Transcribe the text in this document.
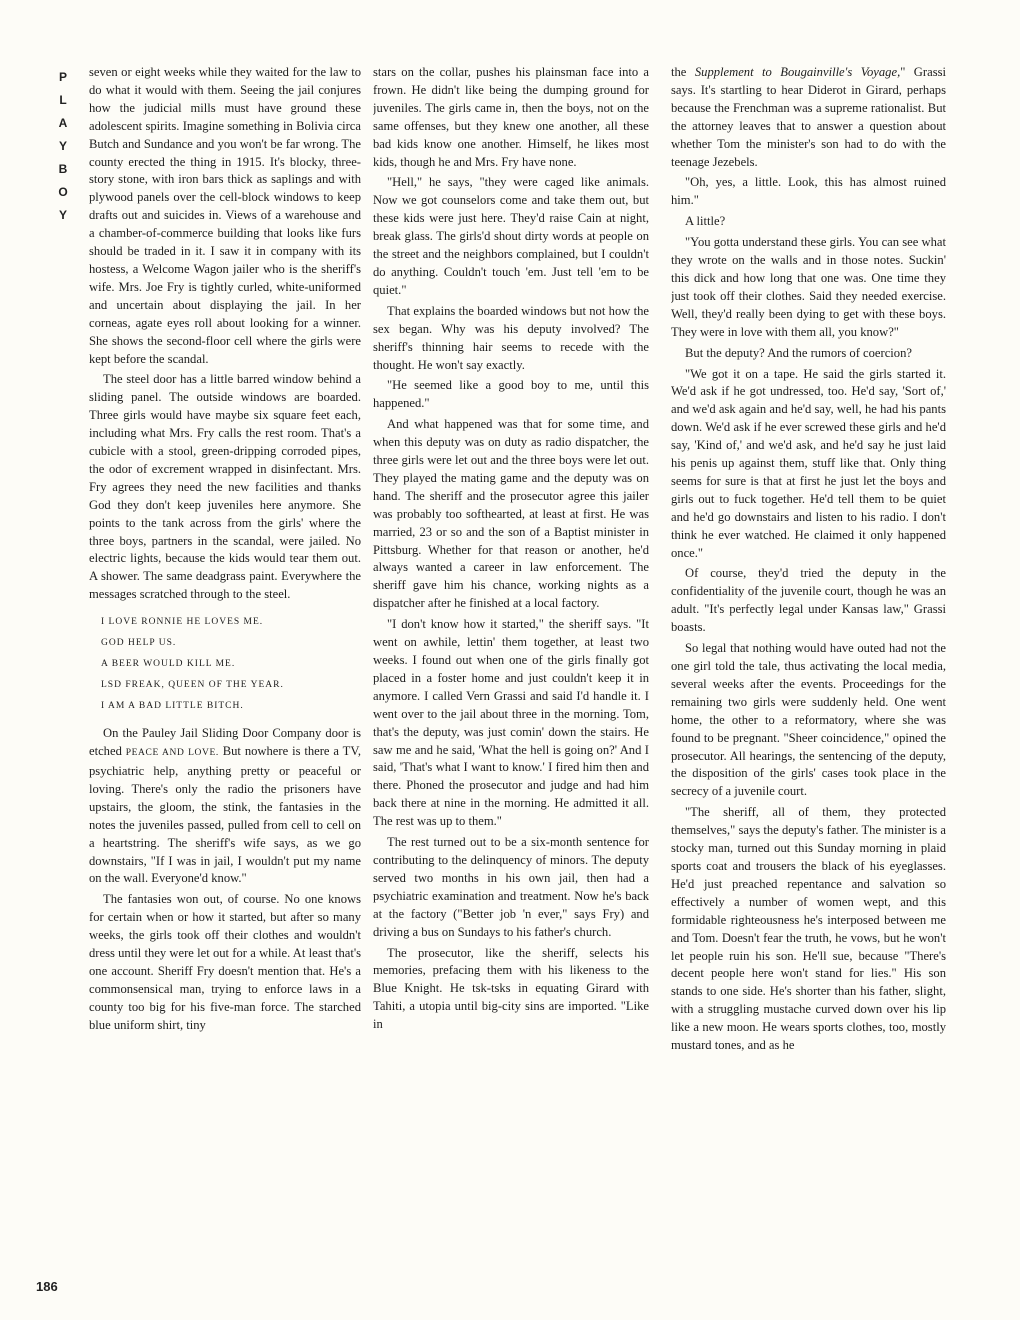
P
L
A
Y
B
O
Y
186

seven or eight weeks while they waited for the law to do what it would with them. Seeing the jail conjures how the judicial mills must have ground these adolescent spirits. Imagine something in Bolivia circa Butch and Sundance and you won't be far wrong. The county erected the thing in 1915. It's blocky, three-story stone, with iron bars thick as saplings and with plywood panels over the cell-block windows to keep drafts out and suicides in. Views of a warehouse and a chamber-of-commerce building that looks like furs should be traded in it. I saw it in company with its hostess, a Welcome Wagon jailer who is the sheriff's wife. Mrs. Joe Fry is tightly curled, white-uniformed and uncertain about displaying the jail. In her corneas, agate eyes roll about looking for a winner. She shows the second-floor cell where the girls were kept before the scandal.

The steel door has a little barred window behind a sliding panel. The outside windows are boarded. Three girls would have maybe six square feet each, including what Mrs. Fry calls the rest room. That's a cubicle with a stool, green-dripping corroded pipes, the odor of excrement wrapped in disinfectant. Mrs. Fry agrees they need the new facilities and thanks God they don't keep juveniles here anymore. She points to the tank across from the girls' where the three boys, partners in the scandal, were jailed. No electric lights, because the kids would tear them out. A shower. The same deadgrass paint. Everywhere the messages scratched through to the steel.

I LOVE RONNIE HE LOVES ME.
GOD HELP US.
A BEER WOULD KILL ME.
LSD FREAK, QUEEN OF THE YEAR.
I AM A BAD LITTLE BITCH.

On the Pauley Jail Sliding Door Company door is etched PEACE AND LOVE. But nowhere is there a TV, psychiatric help, anything pretty or peaceful or loving. There's only the radio the prisoners have upstairs, the gloom, the stink, the fantasies in the notes the juveniles passed, pulled from cell to cell on a heartstring. The sheriff's wife says, as we go downstairs, "If I was in jail, I wouldn't put my name on the wall. Everyone'd know."

The fantasies won out, of course. No one knows for certain when or how it started, but after so many weeks, the girls took off their clothes and wouldn't dress until they were let out for a while. At least that's one account. Sheriff Fry doesn't mention that. He's a commonsensical man, trying to enforce laws in a county too big for his five-man force. The starched blue uniform shirt, tiny

stars on the collar, pushes his plainsman face into a frown. He didn't like being the dumping ground for juveniles. The girls came in, then the boys, not on the same offenses, but they knew one another, all these bad kids know one another. Himself, he likes most kids, though he and Mrs. Fry have none.

"Hell," he says, "they were caged like animals. Now we got counselors come and take them out, but these kids were just here. They'd raise Cain at night, break glass. The girls'd shout dirty words at people on the street and the neighbors complained, but I couldn't do anything. Couldn't touch 'em. Just tell 'em to be quiet."

That explains the boarded windows but not how the sex began. Why was his deputy involved? The sheriff's thinning hair seems to recede with the thought. He won't say exactly.

"He seemed like a good boy to me, until this happened."

And what happened was that for some time, and when this deputy was on duty as radio dispatcher, the three girls were let out and the three boys were let out. They played the mating game and the deputy was on hand. The sheriff and the prosecutor agree this jailer was probably too softhearted, at least at first. He was married, 23 or so and the son of a Baptist minister in Pittsburg. Whether for that reason or another, he'd always wanted a career in law enforcement. The sheriff gave him his chance, working nights as a dispatcher after he finished at a local factory.

"I don't know how it started," the sheriff says. "It went on awhile, lettin' them together, at least two weeks. I found out when one of the girls finally got placed in a foster home and just couldn't keep it in anymore. I called Vern Grassi and said I'd handle it. I went over to the jail about three in the morning. Tom, that's the deputy, was just comin' down the stairs. He saw me and he said, 'What the hell is going on?' And I said, 'That's what I want to know.' I fired him then and there. Phoned the prosecutor and judge and had him back there at nine in the morning. He admitted it all. The rest was up to them."

The rest turned out to be a six-month sentence for contributing to the delinquency of minors. The deputy served two months in his own jail, then had a psychiatric examination and treatment. Now he's back at the factory ("Better job 'n ever," says Fry) and driving a bus on Sundays to his father's church.

The prosecutor, like the sheriff, selects his memories, prefacing them with his likeness to the Blue Knight. He tsk-tsks in equating Girard with Tahiti, a utopia until big-city sins are imported. "Like in

the Supplement to Bougainville's Voyage," Grassi says. It's startling to hear Diderot in Girard, perhaps because the Frenchman was a supreme rationalist. But the attorney leaves that to answer a question about whether Tom the minister's son had to do with the teenage Jezebels.

"Oh, yes, a little. Look, this has almost ruined him."

A little?

"You gotta understand these girls. You can see what they wrote on the walls and in those notes. Suckin' this dick and how long that one was. One time they just took off their clothes. Said they needed exercise. Well, they'd really been dying to get with these boys. They were in love with them all, you know?"

But the deputy? And the rumors of coercion?

"We got it on a tape. He said the girls started it. We'd ask if he got undressed, too. He'd say, 'Sort of,' and we'd ask again and he'd say, well, he had his pants down. We'd ask if he ever screwed these girls and he'd say, 'Kind of,' and we'd ask, and he'd say he just laid his penis up against them, stuff like that. Only thing seems for sure is that at first he just let the boys and girls out to fuck together. He'd tell them to be quiet and he'd go downstairs and listen to his radio. I don't think he ever watched. He claimed it only happened once."

Of course, they'd tried the deputy in the confidentiality of the juvenile court, though he was an adult. "It's perfectly legal under Kansas law," Grassi boasts.

So legal that nothing would have outed had not the one girl told the tale, thus activating the local media, several weeks after the events. Proceedings for the remaining two girls were suddenly held. One went home, the other to a reformatory, where she was found to be pregnant. "Sheer coincidence," opined the prosecutor. All hearings, the sentencing of the deputy, the disposition of the girls' cases took place in the secrecy of a juvenile court.

"The sheriff, all of them, they protected themselves," says the deputy's father. The minister is a stocky man, turned out this Sunday morning in plaid sports coat and trousers the black of his eyeglasses. He'd just preached repentance and salvation so effectively a number of women wept, and this formidable righteousness he's interposed between me and Tom. Doesn't fear the truth, he vows, but he won't let people ruin his son. He'll sue, because "There's decent people here won't stand for lies." His son stands to one side. He's shorter than his father, slight, with a struggling mustache curved down over his lip like a new moon. He wears sports clothes, too, mostly mustard tones, and as he
